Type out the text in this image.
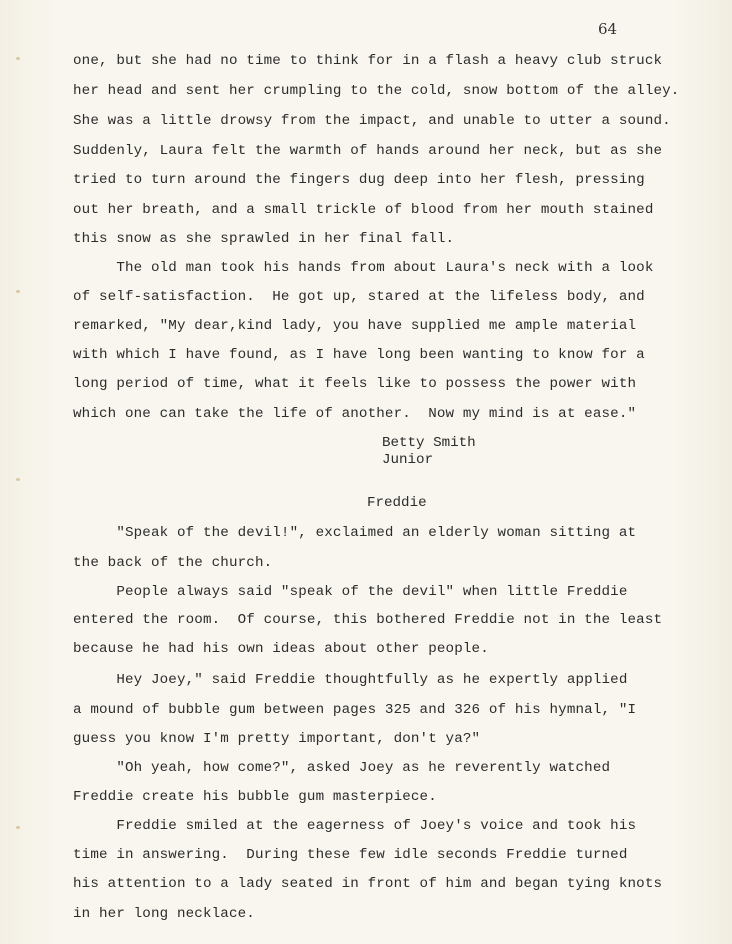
64
one, but she had no time to think for in a flash a heavy club struck
her head and sent her crumpling to the cold, snow bottom of the alley.
She was a little drowsy from the impact, and unable to utter a sound.
Suddenly, Laura felt the warmth of hands around her neck, but as she
tried to turn around the fingers dug deep into her flesh, pressing
out her breath, and a small trickle of blood from her mouth stained
this snow as she sprawled in her final fall.
The old man took his hands from about Laura's neck with a look
of self-satisfaction.  He got up, stared at the lifeless body, and
remarked, "My dear,kind lady, you have supplied me ample material
with which I have found, as I have long been wanting to know for a
long period of time, what it feels like to possess the power with
which one can take the life of another.  Now my mind is at ease."
Betty Smith
Junior
Freddie
"Speak of the devil!", exclaimed an elderly woman sitting at
the back of the church.
People always said "speak of the devil" when little Freddie
entered the room.  Of course, this bothered Freddie not in the least
because he had his own ideas about other people.
Hey Joey," said Freddie thoughtfully as he expertly applied
a mound of bubble gum between pages 325 and 326 of his hymnal, "I
guess you know I'm pretty important, don't ya?"
"Oh yeah, how come?", asked Joey as he reverently watched
Freddie create his bubble gum masterpiece.
Freddie smiled at the eagerness of Joey's voice and took his
time in answering.  During these few idle seconds Freddie turned
his attention to a lady seated in front of him and began tying knots
in her long necklace.
